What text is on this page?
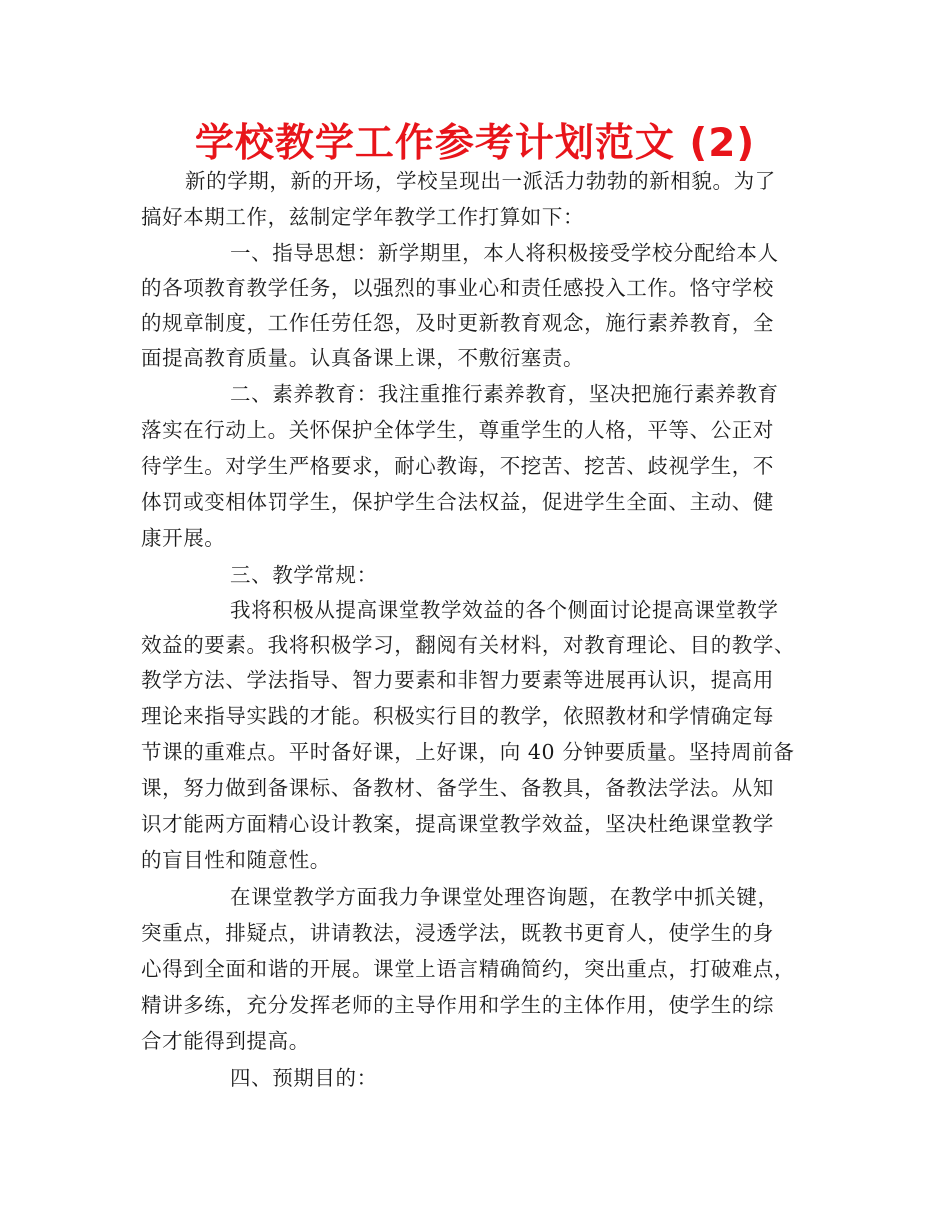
学校教学工作参考计划范文 (2)
新的学期，新的开场，学校呈现出一派活力勃勃的新相貌。为了
搞好本期工作，兹制定学年教学工作打算如下：
一、指导思想：新学期里，本人将积极接受学校分配给本人
的各项教育教学任务，以强烈的事业心和责任感投入工作。恪守学校
的规章制度，工作任劳任怨，及时更新教育观念，施行素养教育，全
面提高教育质量。认真备课上课，不敷衍塞责。
二、素养教育：我注重推行素养教育，坚决把施行素养教育
落实在行动上。关怀保护全体学生，尊重学生的人格，平等、公正对
待学生。对学生严格要求，耐心教诲，不挖苦、挖苦、歧视学生，不
体罚或变相体罚学生，保护学生合法权益，促进学生全面、主动、健
康开展。
三、教学常规：
我将积极从提高课堂教学效益的各个侧面讨论提高课堂教学
效益的要素。我将积极学习，翻阅有关材料，对教育理论、目的教学、
教学方法、学法指导、智力要素和非智力要素等进展再认识，提高用
理论来指导实践的才能。积极实行目的教学，依照教材和学情确定每
节课的重难点。平时备好课，上好课，向 40 分钟要质量。坚持周前备
课，努力做到备课标、备教材、备学生、备教具，备教法学法。从知
识才能两方面精心设计教案，提高课堂教学效益，坚决杜绝课堂教学
的盲目性和随意性。
在课堂教学方面我力争课堂处理咨询题，在教学中抓关键，
突重点，排疑点，讲请教法，浸透学法，既教书更育人，使学生的身
心得到全面和谐的开展。课堂上语言精确简约，突出重点，打破难点，
精讲多练，充分发挥老师的主导作用和学生的主体作用，使学生的综
合才能得到提高。
四、预期目的：
